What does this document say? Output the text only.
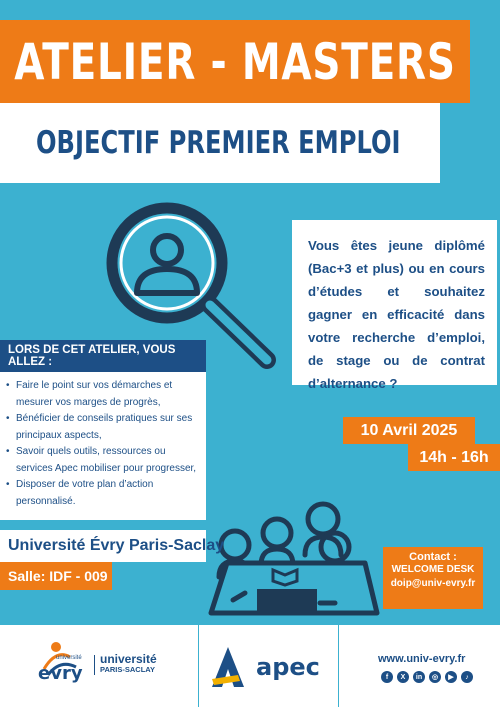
ATELIER - MASTERS
OBJECTIF PREMIER EMPLOI
Vous êtes jeune diplômé (Bac+3 et plus) ou en cours d’études et souhaitez gagner en efficacité dans votre recherche d’emploi, de stage ou de contrat d’alternance ?
LORS DE CET ATELIER, VOUS ALLEZ :
• Faire le point sur vos démarches et mesurer vos marges de progrès,
• Bénéficier de conseils pratiques sur ses principaux aspects,
• Savoir quels outils, ressources ou services Apec mobiliser pour progresser,
• Disposer de votre plan d’action personnalisé.
10 Avril 2025
14h - 16h
Université Évry Paris-Saclay
Salle: IDF - 009
Contact :
WELCOME DESK
doip@univ-evry.fr
evry
université université
PARIS-SACLAY	apec	www.univ-evry.fr
f	X	in	◎	▶	♪
